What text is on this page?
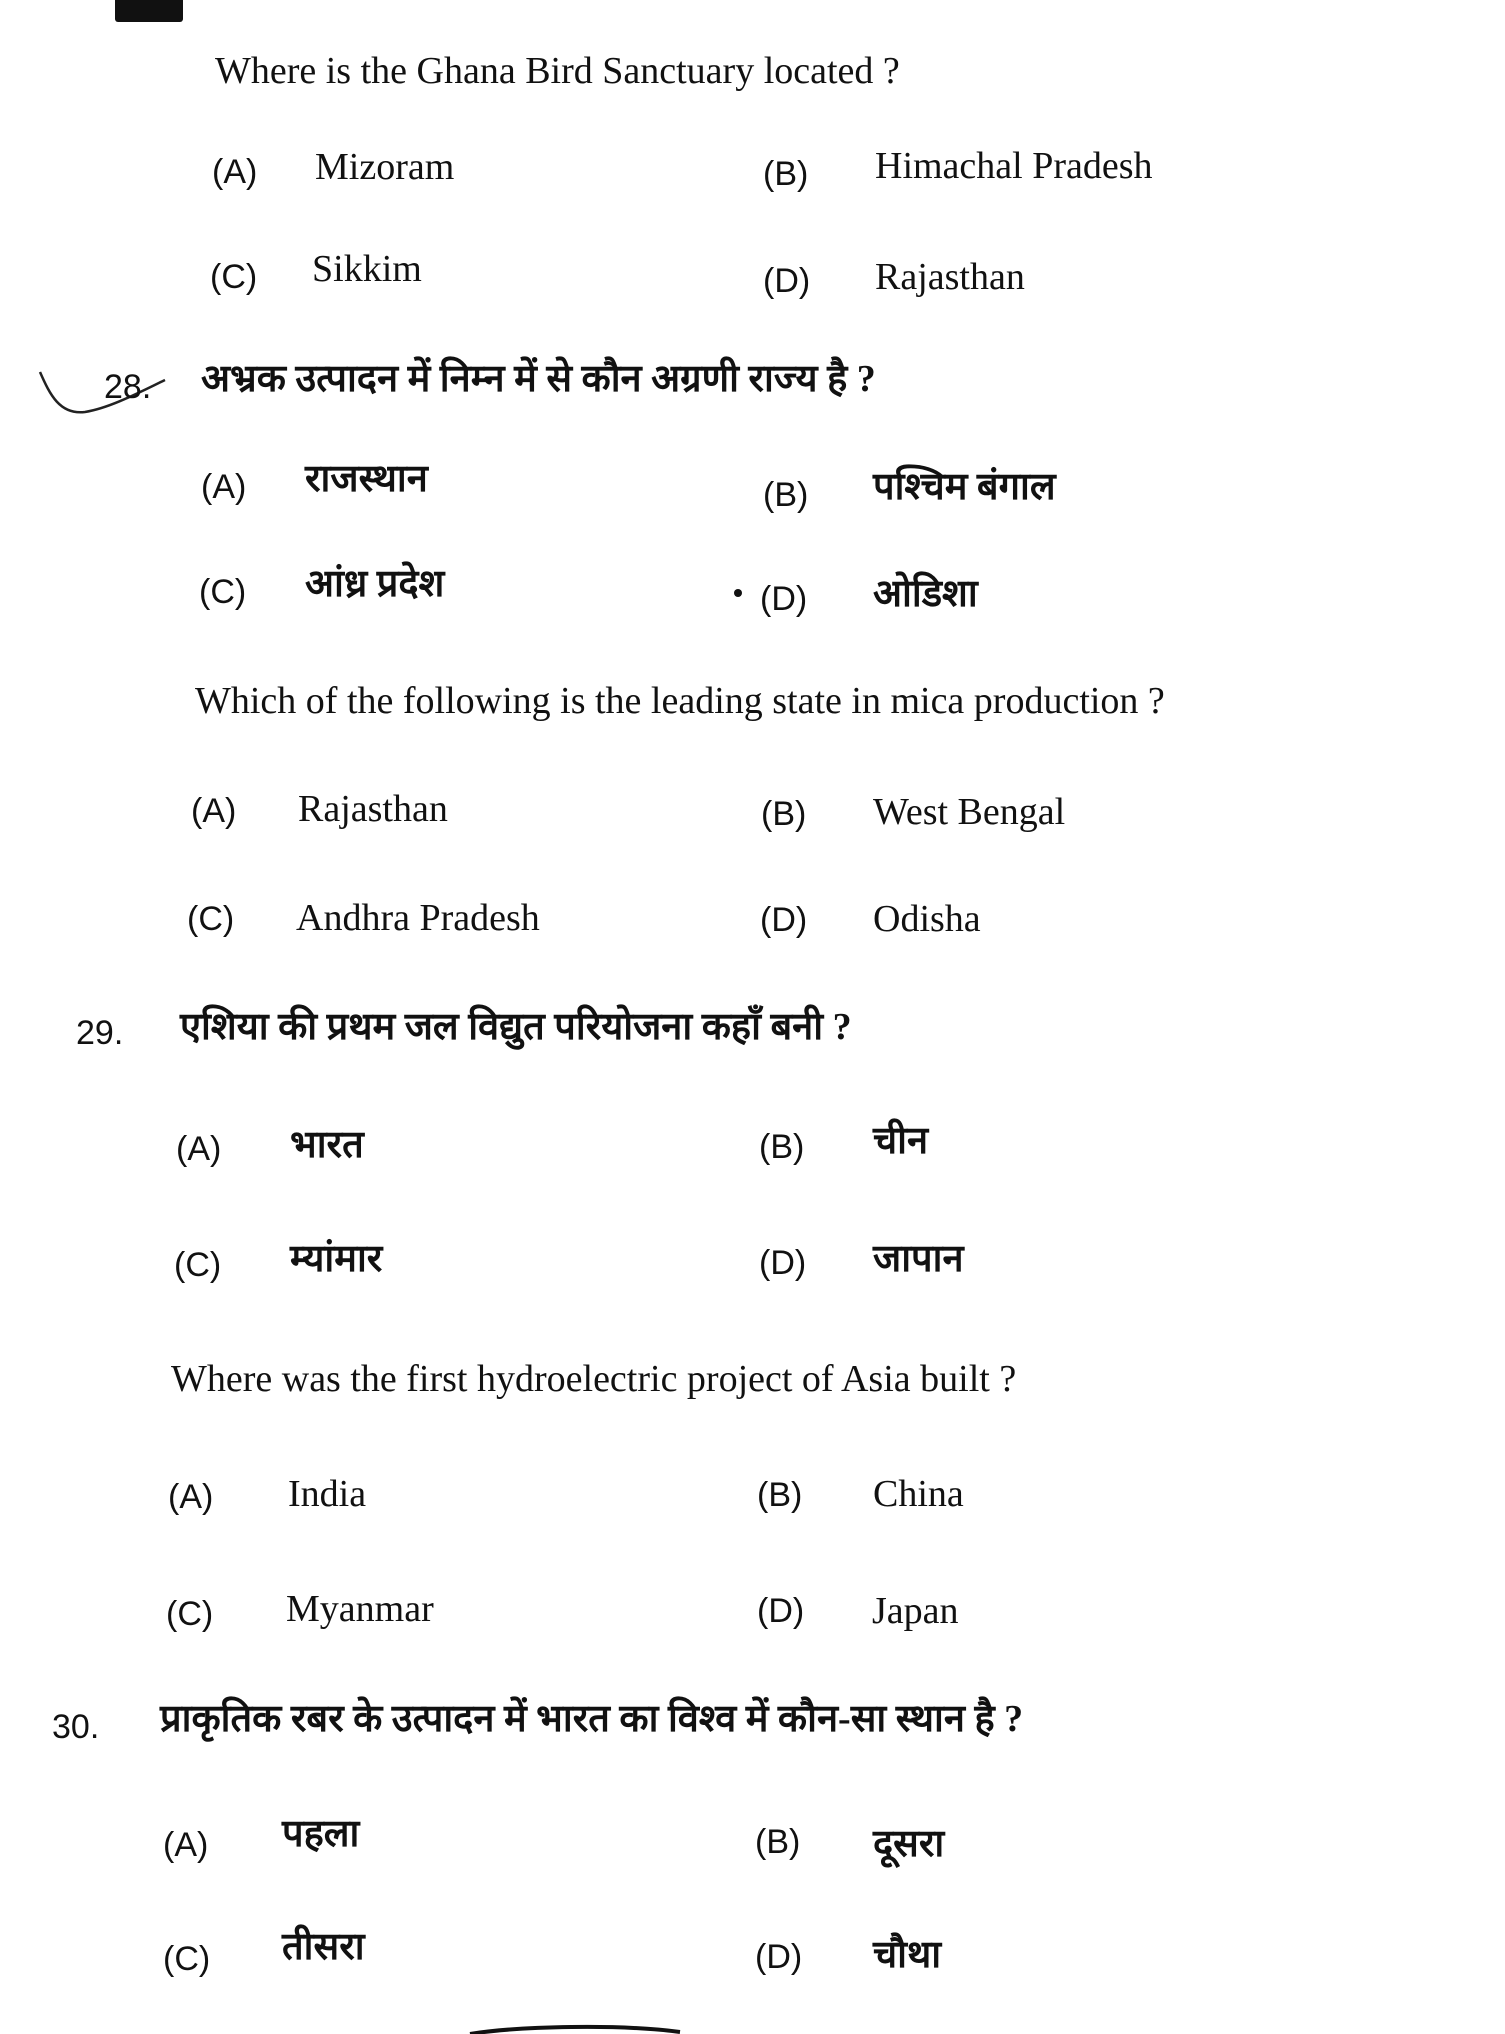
Where is the Ghana Bird Sanctuary located ?
(A) Mizoram	(B) Himachal Pradesh
(C) Sikkim	(D) Rajasthan
28. अभ्रक उत्पादन में निम्न में से कौन अग्रणी राज्य है ?
(A) राजस्थान	(B) पश्चिम बंगाल
(C) आंध्र प्रदेश	(D) ओडिशा
Which of the following is the leading state in mica production ?
(A) Rajasthan	(B) West Bengal
(C) Andhra Pradesh	(D) Odisha
29. एशिया की प्रथम जल विद्युत परियोजना कहाँ बनी ?
(A) भारत	(B) चीन
(C) म्यांमार	(D) जापान
Where was the first hydroelectric project of Asia built ?
(A) India	(B) China
(C) Myanmar	(D) Japan
30. प्राकृतिक रबर के उत्पादन में भारत का विश्व में कौन-सा स्थान है ?
(A) पहला	(B) दूसरा
(C) तीसरा	(D) चौथा
